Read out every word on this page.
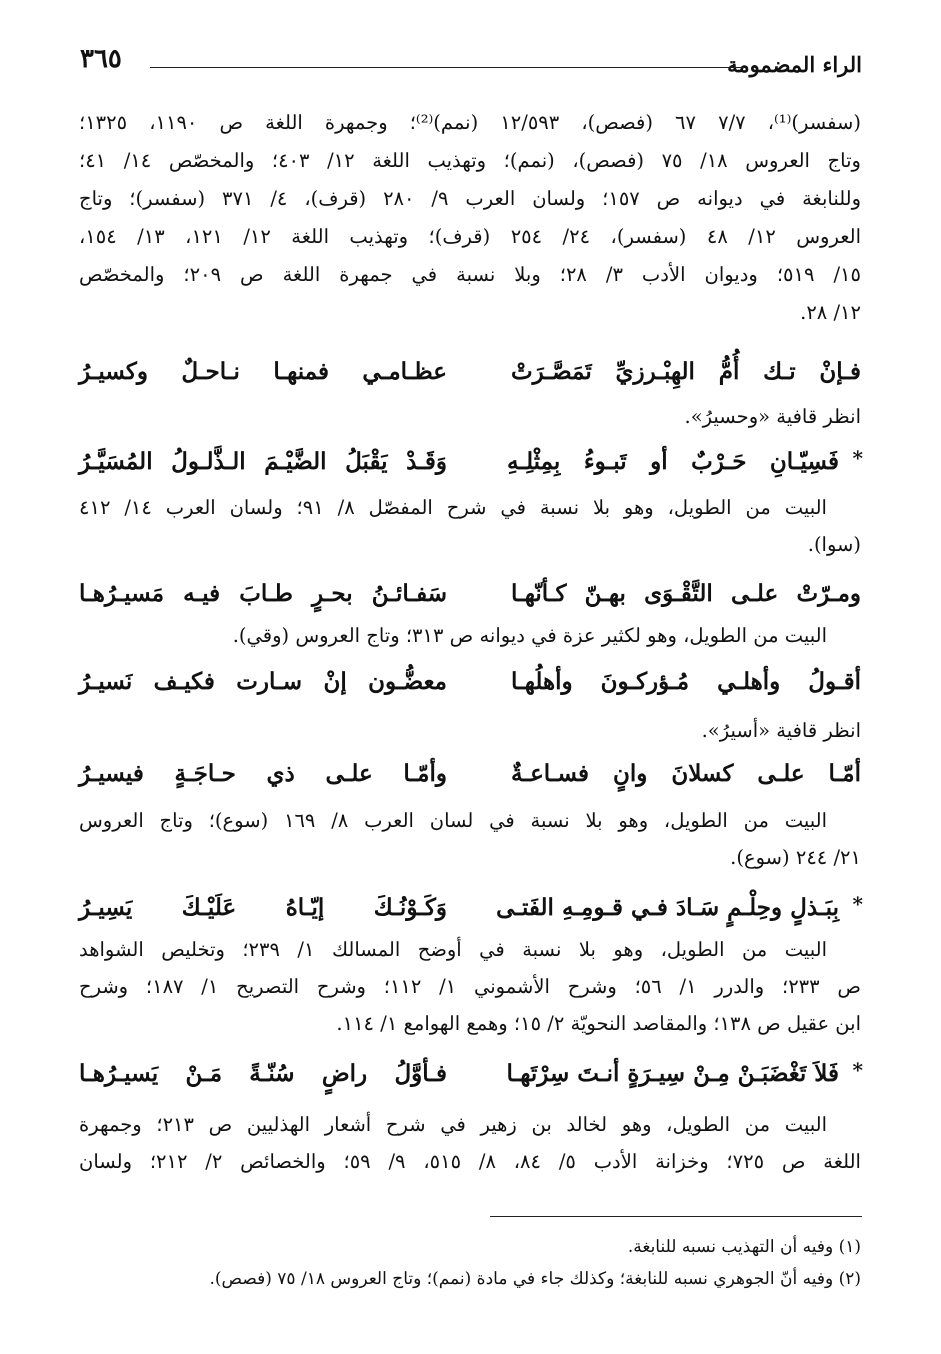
الراء المضمومة
٣٦٥
(سفسر)⁽¹⁾، ٧/٧ ٦٧ (فصص)، ١٢/٥٩٣ (نمم)⁽²⁾؛ وجمهرة اللغة ص ١١٩٠، ١٣٢٥؛
وتاج العروس ١٨/ ٧٥ (فصص)، (نمم)؛ وتهذيب اللغة ١٢/ ٤٠٣؛ والمخصّص ١٤/ ٤١؛
وللنابغة في ديوانه ص ١٥٧؛ ولسان العرب ٩/ ٢٨٠ (قرف)، ٤/ ٣٧١ (سفسر)؛ وتاج
العروس ١٢/ ٤٨ (سفسر)، ٢٤/ ٢٥٤ (قرف)؛ وتهذيب اللغة ١٢/ ١٢١، ١٣/ ١٥٤،
١٥/ ٥١٩؛ وديوان الأدب ٣/ ٢٨؛ وبلا نسبة في جمهرة اللغة ص ٢٠٩؛ والمخصّص
١٢/ ٢٨.
فـإنْ تـك أُمُّ الهِبْـرزيِّ تَمَصَّـرَتْ
عظـامـي فمنهـا نـاحـلٌ وكسيـرُ
انظر قافية «وحسيرُ».
*
فَسِيّـانِ حَـرْبٌ أو تَبـوءُ بِمِثْلِـهِ
وَقَـدْ يَقْبَلُ الضَّيْـمَ الـذَّلـولُ المُسَيَّـرُ
البيت من الطويل، وهو بلا نسبة في شرح المفصّل ٨/ ٩١؛ ولسان العرب ١٤/ ٤١٢
(سوا).
ومـرّتْ علـى التَّقْـوَى بهـنّ كـأنّهـا
سَفـائـنُ بحـرٍ طـابَ فيـه مَسيـرُهـا
البيت من الطويل، وهو لكثير عزة في ديوانه ص ٣١٣؛ وتاج العروس (وقي).
أقـولُ وأهلـي مُـؤركـونَ وأهلُهـا
معضُّـون إنْ سـارت فكيـف نَسيـرُ
انظر قافية «أسيرُ».
أمّـا علـى كسلانَ وانٍ فسـاعـةٌ
وأمّـا علـى ذي حـاجَـةٍ فيسيـرُ
البيت من الطويل، وهو بلا نسبة في لسان العرب ٨/ ١٦٩ (سوع)؛ وتاج العروس
٢١/ ٢٤٤ (سوع).
*
بِبَـذلٍ وحِلْـمٍ سَـادَ فـي قـومِـهِ الفَتـى
وَكَـوْنُـكَ إيّـاهُ عَلَيْـكَ يَسِيـرُ
البيت من الطويل، وهو بلا نسبة في أوضح المسالك ١/ ٢٣٩؛ وتخليص الشواهد
ص ٢٣٣؛ والدرر ١/ ٥٦؛ وشرح الأشموني ١/ ١١٢؛ وشرح التصريح ١/ ١٨٧؛ وشرح
ابن عقيل ص ١٣٨؛ والمقاصد النحويّة ٢/ ١٥؛ وهمع الهوامع ١/ ١١٤.
*
فَلاَ تَغْضَبَـنْ مِـنْ سِيـرَةٍ أنـتَ سِرْتَهـا
فـأوَّلُ راضٍ سُنّـةً مَـنْ يَسيـرُهـا
البيت من الطويل، وهو لخالد بن زهير في شرح أشعار الهذليين ص ٢١٣؛ وجمهرة
اللغة ص ٧٢٥؛ وخزانة الأدب ٥/ ٨٤، ٨/ ٥١٥، ٩/ ٥٩؛ والخصائص ٢/ ٢١٢؛ ولسان
(١) وفيه أن التهذيب نسبه للنابغة.
(٢) وفيه أنّ الجوهري نسبه للنابغة؛ وكذلك جاء في مادة (نمم)؛ وتاج العروس ١٨/ ٧٥ (فصص).
